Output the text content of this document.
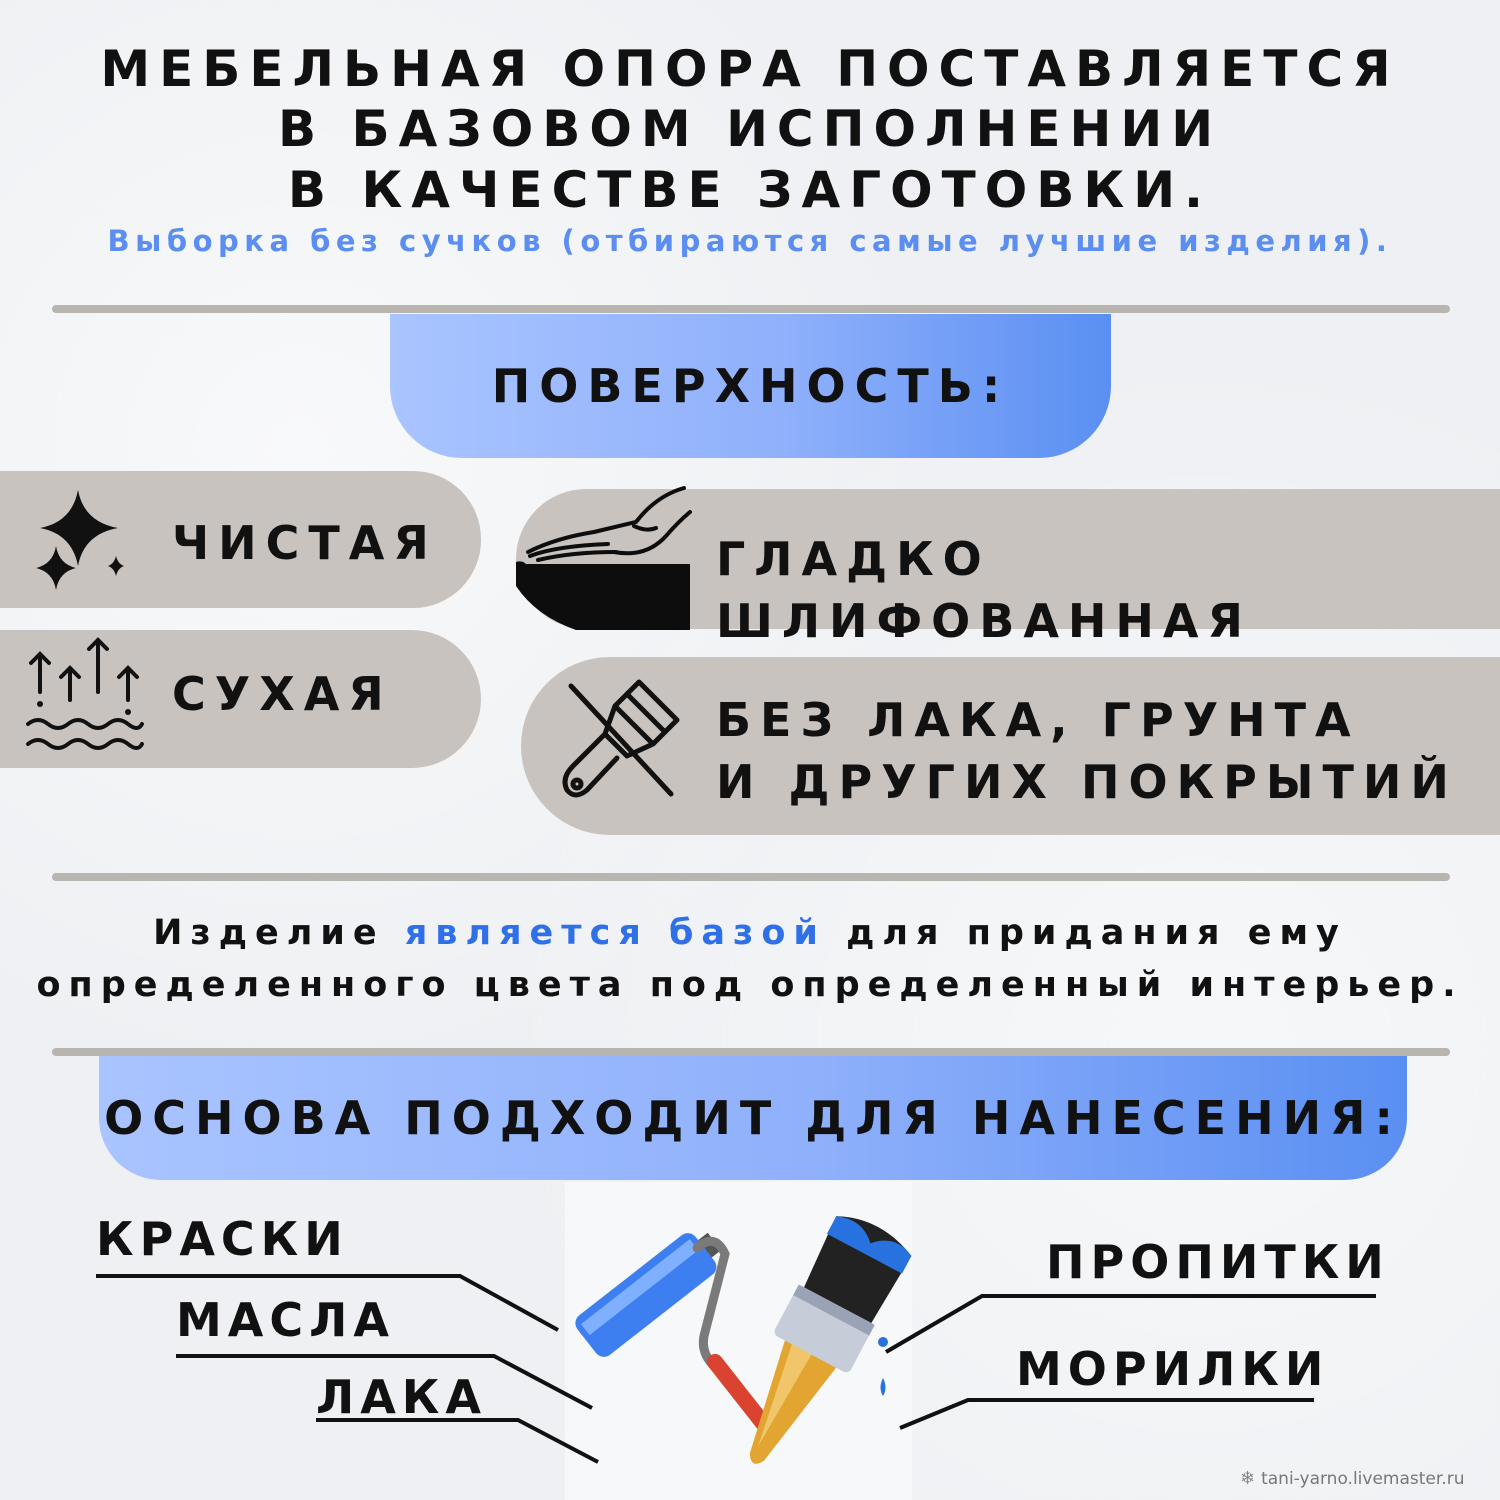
МЕБЕЛЬНАЯ ОПОРА ПОСТАВЛЯЕТСЯ
В БАЗОВОМ ИСПОЛНЕНИИ
В КАЧЕСТВЕ ЗАГОТОВКИ.
Выборка без сучков (отбираются самые лучшие изделия).
ПОВЕРХНОСТЬ:
ЧИСТАЯ
СУХАЯ
ГЛАДКО ШЛИФОВАННАЯ
БЕЗ ЛАКА, ГРУНТА
И ДРУГИХ ПОКРЫТИЙ
Изделие является базой для придания ему
определенного цвета под определенный интерьер.
ОСНОВА ПОДХОДИТ ДЛЯ НАНЕСЕНИЯ:
КРАСКИ
МАСЛА
ЛАКА
ПРОПИТКИ
МОРИЛКИ
❄ tani-yarno.livemaster.ru
